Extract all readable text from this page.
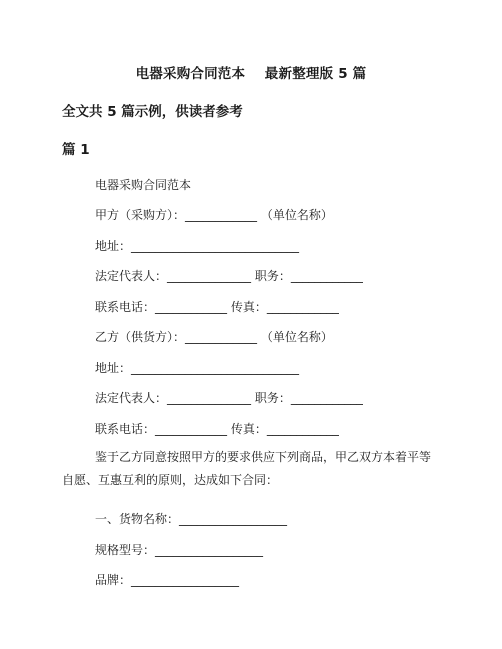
电器采购合同范本    最新整理版 5 篇
全文共 5 篇示例，供读者参考
篇 1
电器采购合同范本
甲方（采购方）：____________ （单位名称）
地址：____________________________
法定代表人：______________ 职务：____________
联系电话：____________ 传真：____________
乙方（供货方）：____________ （单位名称）
地址：____________________________
法定代表人：______________ 职务：____________
联系电话：____________ 传真：____________
鉴于乙方同意按照甲方的要求供应下列商品，甲乙双方本着平等自愿、互惠互利的原则，达成如下合同：
一、货物名称：__________________
规格型号：__________________
品牌：__________________
